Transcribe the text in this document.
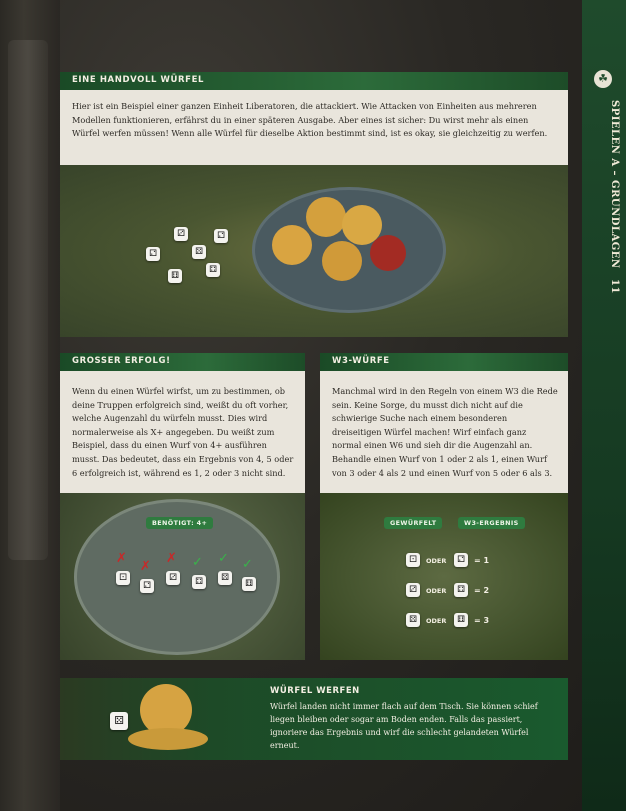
☘
SPIELEN A – GRUNDLAGEN 11
EINE HANDVOLL WÜRFEL
Hier ist ein Beispiel einer ganzen Einheit Liberatoren, die attackiert. Wie Attacken von Einheiten aus mehreren Modellen funktionieren, erfährst du in einer späteren Ausgabe. Aber eines ist sicher: Du wirst mehr als einen Würfel werfen müssen! Wenn alle Würfel für dieselbe Aktion bestimmt sind, ist es okay, sie gleichzeitig zu werfen.
⚂
⚁	⚄
⚁
⚅
⚃
GROSSER ERFOLG!
Wenn du einen Würfel wirfst, um zu bestimmen, ob deine Truppen erfolgreich sind, weißt du oft vorher, welche Augenzahl du würfeln musst. Dies wird normalerweise als X+ angegeben. Du weißt zum Beispiel, dass du einen Wurf von 4+ ausführen musst. Das bedeutet, dass ein Ergebnis von 4, 5 oder 6 erfolgreich ist, während es 1, 2 oder 3 nicht sind.
BENÖTIGT: 4+
✗
✗
✗ ✓ ✓ ✓
⚀
⚁
⚂	⚃	⚄
⚅
W3-WÜRFE
Manchmal wird in den Regeln von einem W3 die Rede sein. Keine Sorge, du musst dich nicht auf die schwierige Suche nach einem besonderen dreiseitigen Würfel machen! Wirf einfach ganz normal einen W6 und sieh dir die Augenzahl an. Behandle einen Wurf von 1 oder 2 als 1, einen Wurf von 3 oder 4 als 2 und einen Wurf von 5 oder 6 als 3.
GEWÜRFELT	W3-ERGEBNIS
⚀	ODER	⚁	= 1
⚂	ODER	⚃	= 2
⚄	ODER	⚅	= 3
⚄
WÜRFEL WERFEN
Würfel landen nicht immer flach auf dem Tisch. Sie können schief liegen bleiben oder sogar am Boden enden. Falls das passiert, ignoriere das Ergebnis und wirf die schlecht gelandeten Würfel erneut.
